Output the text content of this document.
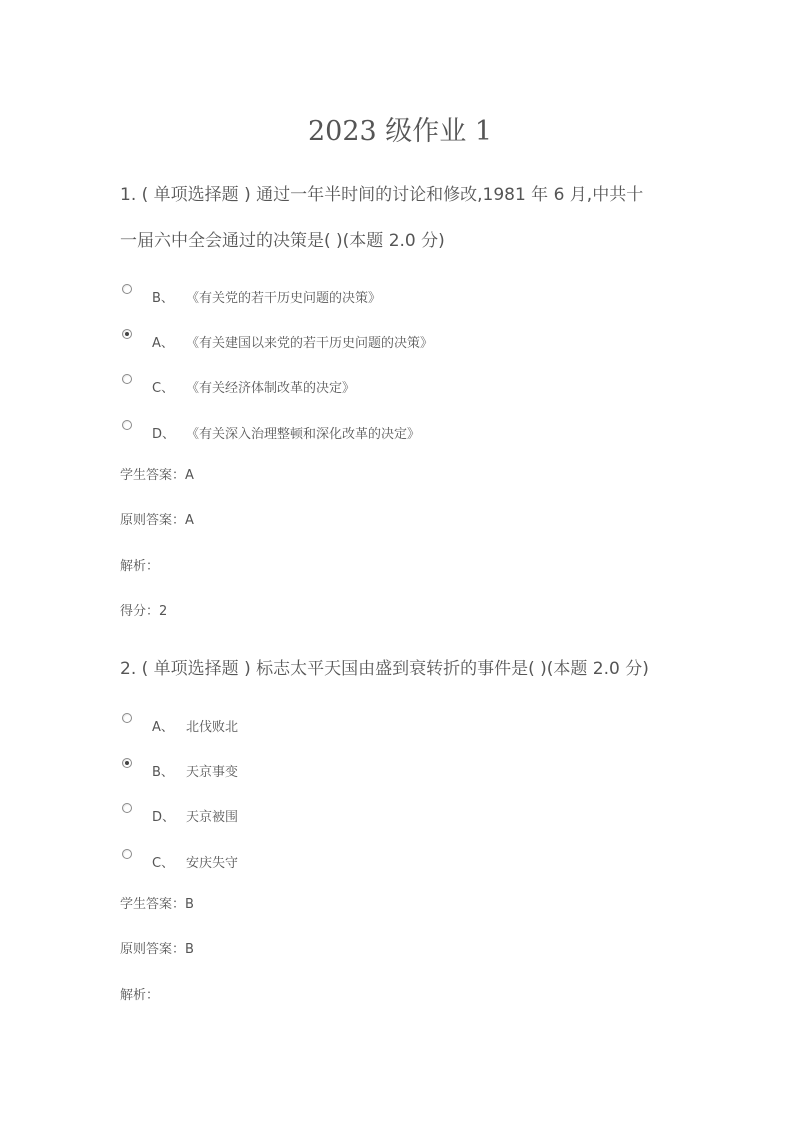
2023 级作业 1
1. ( 单项选择题 ) 通过一年半时间的讨论和修改,1981 年 6 月,中共十
一届六中全会通过的决策是( )(本题 2.0 分)
B、 《有关党的若干历史问题的决策》
A、 《有关建国以来党的若干历史问题的决策》
C、 《有关经济体制改革的决定》
D、 《有关深入治理整顿和深化改革的决定》
学生答案：A
原则答案：A
解析：
得分：2
2. ( 单项选择题 ) 标志太平天国由盛到衰转折的事件是( )(本题 2.0 分)
A、 北伐败北
B、 天京事变
D、 天京被围
C、 安庆失守
学生答案：B
原则答案：B
解析：
